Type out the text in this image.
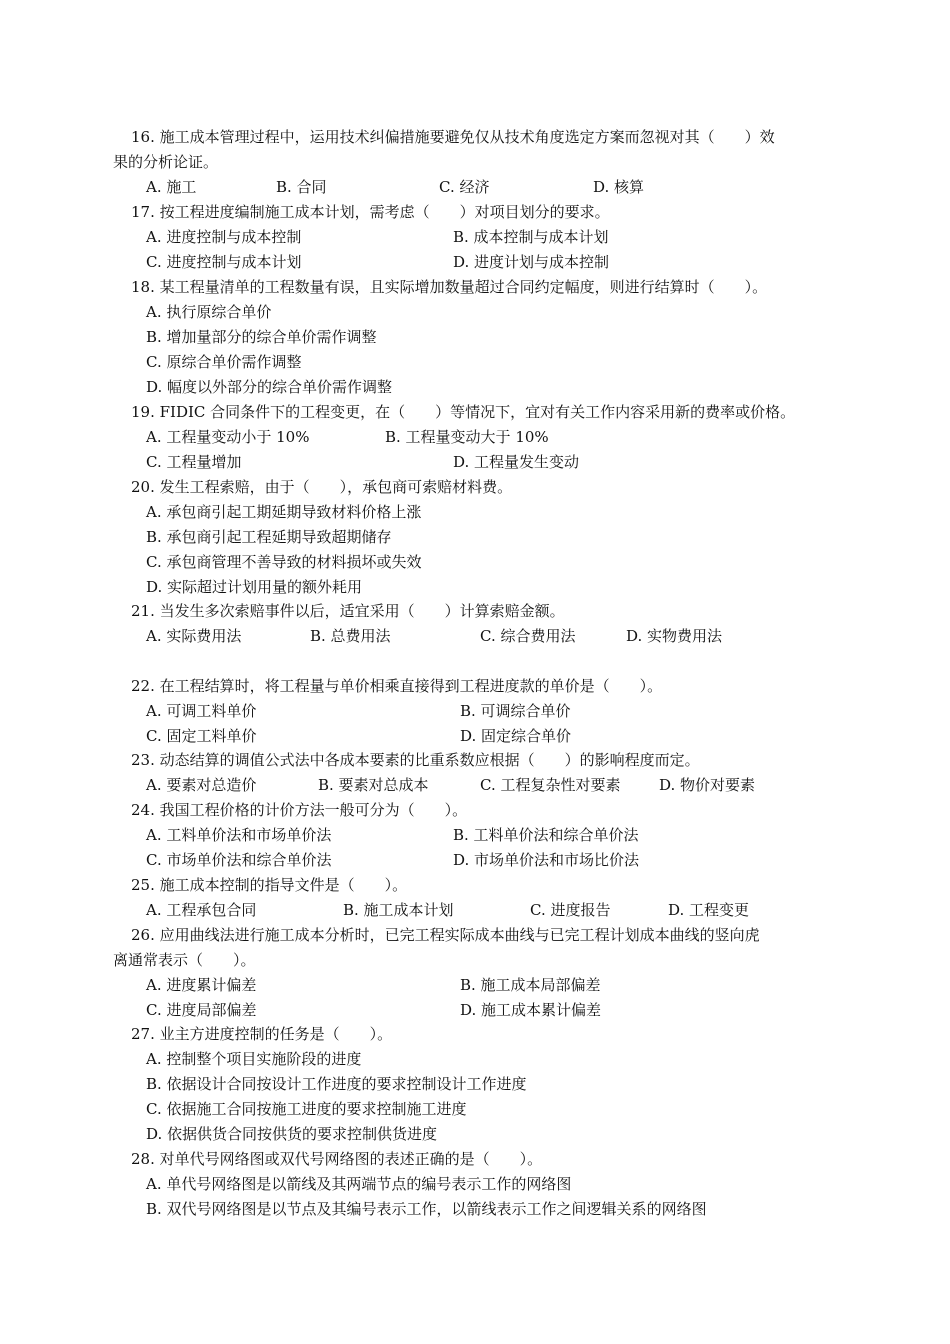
16. 施工成本管理过程中，运用技术纠偏措施要避免仅从技术角度选定方案而忽视对其（　　）效
果的分析论证。
A. 施工	B. 合同	C. 经济	D. 核算
17. 按工程进度编制施工成本计划，需考虑（　　）对项目划分的要求。
A. 进度控制与成本控制	B. 成本控制与成本计划
C. 进度控制与成本计划	D. 进度计划与成本控制
18. 某工程量清单的工程数量有误，且实际增加数量超过合同约定幅度，则进行结算时（　　）。
A. 执行原综合单价
B. 增加量部分的综合单价需作调整
C. 原综合单价需作调整
D. 幅度以外部分的综合单价需作调整
19. FIDIC 合同条件下的工程变更，在（　　）等情况下，宜对有关工作内容采用新的费率或价格。
A. 工程量变动小于 10%	B. 工程量变动大于 10%
C. 工程量增加	D. 工程量发生变动
20. 发生工程索赔，由于（　　），承包商可索赔材料费。
A. 承包商引起工期延期导致材料价格上涨
B. 承包商引起工程延期导致超期储存
C. 承包商管理不善导致的材料损坏或失效
D. 实际超过计划用量的额外耗用
21. 当发生多次索赔事件以后，适宜采用（　　）计算索赔金额。
A. 实际费用法	B. 总费用法	C. 综合费用法	D. 实物费用法
22. 在工程结算时，将工程量与单价相乘直接得到工程进度款的单价是（　　）。
A. 可调工料单价	B. 可调综合单价
C. 固定工料单价	D. 固定综合单价
23. 动态结算的调值公式法中各成本要素的比重系数应根据（　　）的影响程度而定。
A. 要素对总造价	B. 要素对总成本	C. 工程复杂性对要素	D. 物价对要素
24. 我国工程价格的计价方法一般可分为（　　）。
A. 工料单价法和市场单价法	B. 工料单价法和综合单价法
C. 市场单价法和综合单价法	D. 市场单价法和市场比价法
25. 施工成本控制的指导文件是（　　）。
A. 工程承包合同	B. 施工成本计划	C. 进度报告	D. 工程变更
26. 应用曲线法进行施工成本分析时，已完工程实际成本曲线与已完工程计划成本曲线的竖向虎
离通常表示（　　）。
A. 进度累计偏差	B. 施工成本局部偏差
C. 进度局部偏差	D. 施工成本累计偏差
27. 业主方进度控制的任务是（　　）。
A. 控制整个项目实施阶段的进度
B. 依据设计合同按设计工作进度的要求控制设计工作进度
C. 依据施工合同按施工进度的要求控制施工进度
D. 依据供货合同按供货的要求控制供货进度
28. 对单代号网络图或双代号网络图的表述正确的是（　　）。
A. 单代号网络图是以箭线及其两端节点的编号表示工作的网络图
B. 双代号网络图是以节点及其编号表示工作，以箭线表示工作之间逻辑关系的网络图
